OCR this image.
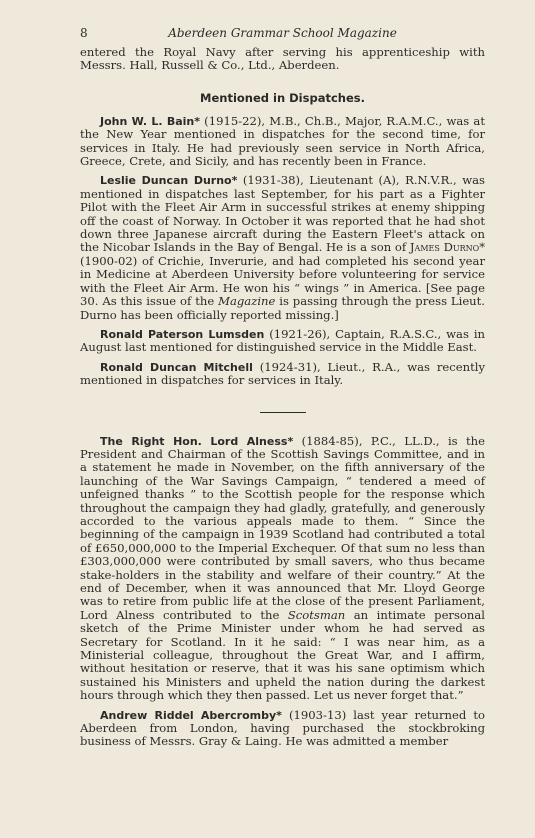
8	Aberdeen Grammar School Magazine

entered the Royal Navy after serving his apprenticeship with Messrs. Hall, Russell & Co., Ltd., Aberdeen.

Mentioned in Dispatches.

John W. L. Bain* (1915-22), M.B., Ch.B., Major, R.A.M.C., was at the New Year mentioned in dispatches for the second time, for services in Italy. He had previously seen service in North Africa, Greece, Crete, and Sicily, and has recently been in France.

Leslie Duncan Durno* (1931-38), Lieutenant (A), R.N.V.R., was mentioned in dispatches last September, for his part as a Fighter Pilot with the Fleet Air Arm in successful strikes at enemy shipping off the coast of Norway. In October it was reported that he had shot down three Japanese aircraft during the Eastern Fleet's attack on the Nicobar Islands in the Bay of Bengal. He is a son of James Durno* (1900-02) of Crichie, Inverurie, and had completed his second year in Medicine at Aberdeen University before volunteering for service with the Fleet Air Arm. He won his “ wings ” in America. [See page 30. As this issue of the Magazine is passing through the press Lieut. Durno has been officially reported missing.]

Ronald Paterson Lumsden (1921-26), Captain, R.A.S.C., was in August last mentioned for distinguished service in the Middle East.

Ronald Duncan Mitchell (1924-31), Lieut., R.A., was recently mentioned in dispatches for services in Italy.

The Right Hon. Lord Alness* (1884-85), P.C., LL.D., is the President and Chairman of the Scottish Savings Committee, and in a statement he made in November, on the fifth anniversary of the launching of the War Savings Campaign, “ tendered a meed of unfeigned thanks ” to the Scottish people for the response which throughout the campaign they had gladly, gratefully, and generously accorded to the various appeals made to them. “ Since the beginning of the campaign in 1939 Scotland had contributed a total of £650,000,000 to the Imperial Exchequer. Of that sum no less than £303,000,000 were contributed by small savers, who thus became stake-holders in the stability and welfare of their country.” At the end of December, when it was announced that Mr. Lloyd George was to retire from public life at the close of the present Parliament, Lord Alness contributed to the Scotsman an intimate personal sketch of the Prime Minister under whom he had served as Secretary for Scotland. In it he said: “ I was near him, as a Ministerial colleague, throughout the Great War, and I affirm, without hesitation or reserve, that it was his sane optimism which sustained his Ministers and upheld the nation during the darkest hours through which they then passed. Let us never forget that.”

Andrew Riddel Abercromby* (1903-13) last year returned to Aberdeen from London, having purchased the stockbroking business of Messrs. Gray & Laing. He was admitted a member
